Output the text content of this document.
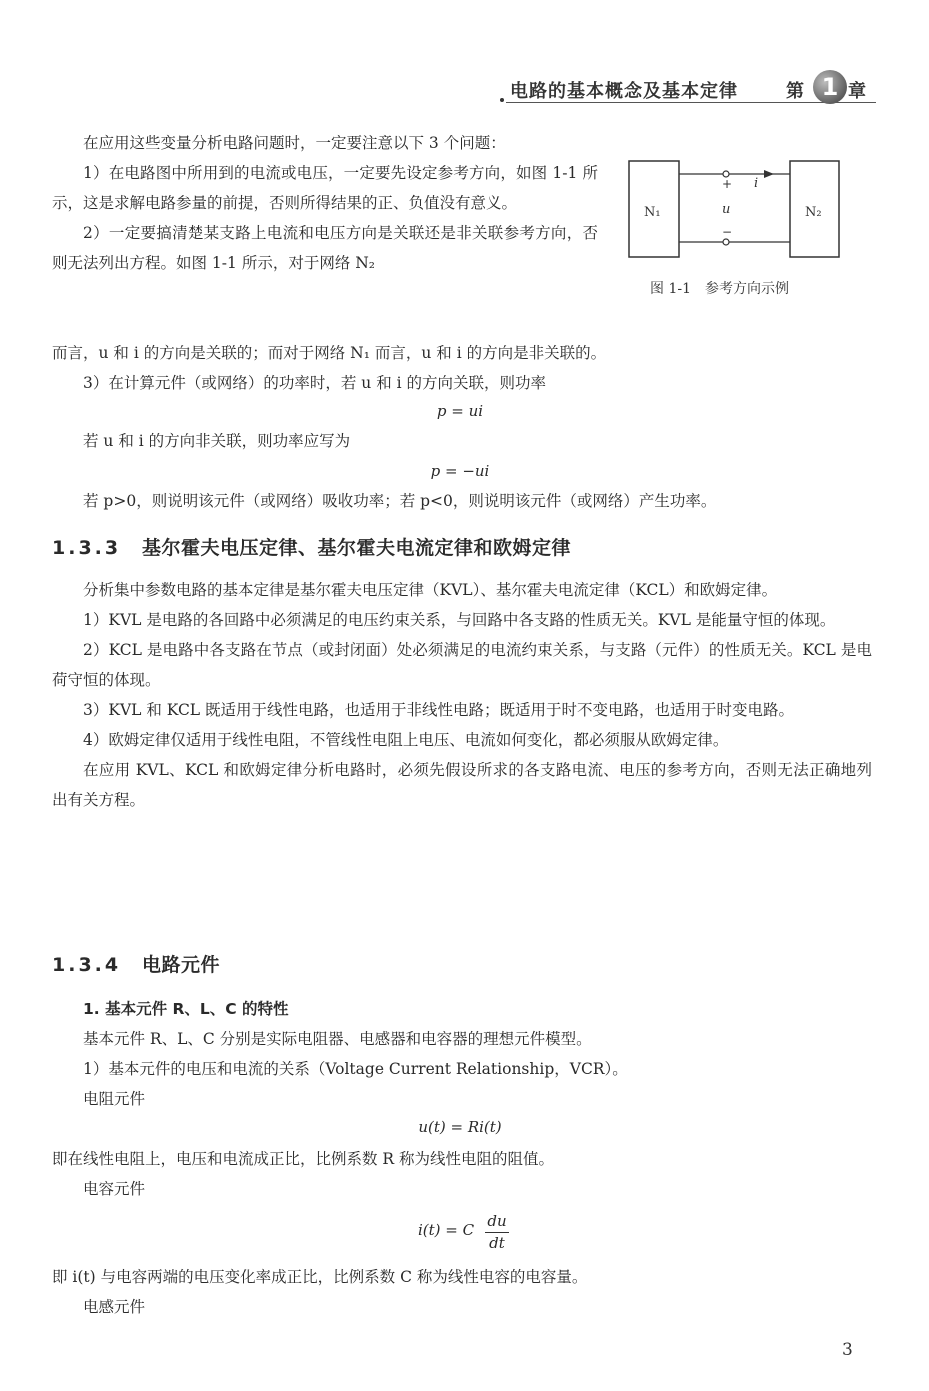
电路的基本概念及基本定律	第 1 章

在应用这些变量分析电路问题时，一定要注意以下 3 个问题：

1）在电路图中所用到的电流或电压，一定要先设定参考方向，如图 1-1 所示，这是求解电路参量的前提，否则所得结果的正、负值没有意义。

2）一定要搞清楚某支路上电流和电压方向是关联还是非关联参考方向，否则无法列出方程。如图 1-1 所示，对于网络 N₂

N₁	N₂
+ i
u
−
图 1-1　参考方向示例

而言，u 和 i 的方向是关联的；而对于网络 N₁ 而言，u 和 i 的方向是非关联的。

3）在计算元件（或网络）的功率时，若 u 和 i 的方向关联，则功率

p = ui

若 u 和 i 的方向非关联，则功率应写为

p = −ui

若 p>0，则说明该元件（或网络）吸收功率；若 p<0，则说明该元件（或网络）产生功率。

1.3.3 基尔霍夫电压定律、基尔霍夫电流定律和欧姆定律

分析集中参数电路的基本定律是基尔霍夫电压定律（KVL）、基尔霍夫电流定律（KCL）和欧姆定律。

1）KVL 是电路的各回路中必须满足的电压约束关系，与回路中各支路的性质无关。KVL 是能量守恒的体现。

2）KCL 是电路中各支路在节点（或封闭面）处必须满足的电流约束关系，与支路（元件）的性质无关。KCL 是电荷守恒的体现。

3）KVL 和 KCL 既适用于线性电路，也适用于非线性电路；既适用于时不变电路，也适用于时变电路。

4）欧姆定律仅适用于线性电阻，不管线性电阻上电压、电流如何变化，都必须服从欧姆定律。

在应用 KVL、KCL 和欧姆定律分析电路时，必须先假设所求的各支路电流、电压的参考方向，否则无法正确地列出有关方程。

1.3.4 电路元件

1. 基本元件 R、L、C 的特性

基本元件 R、L、C 分别是实际电阻器、电感器和电容器的理想元件模型。

1）基本元件的电压和电流的关系（Voltage Current Relationship，VCR）。

电阻元件

u(t) = Ri(t)

即在线性电阻上，电压和电流成正比，比例系数 R 称为线性电阻的阻值。

电容元件

i(t) = C du
dt

即 i(t) 与电容两端的电压变化率成正比，比例系数 C 称为线性电容的电容量。

电感元件

3
